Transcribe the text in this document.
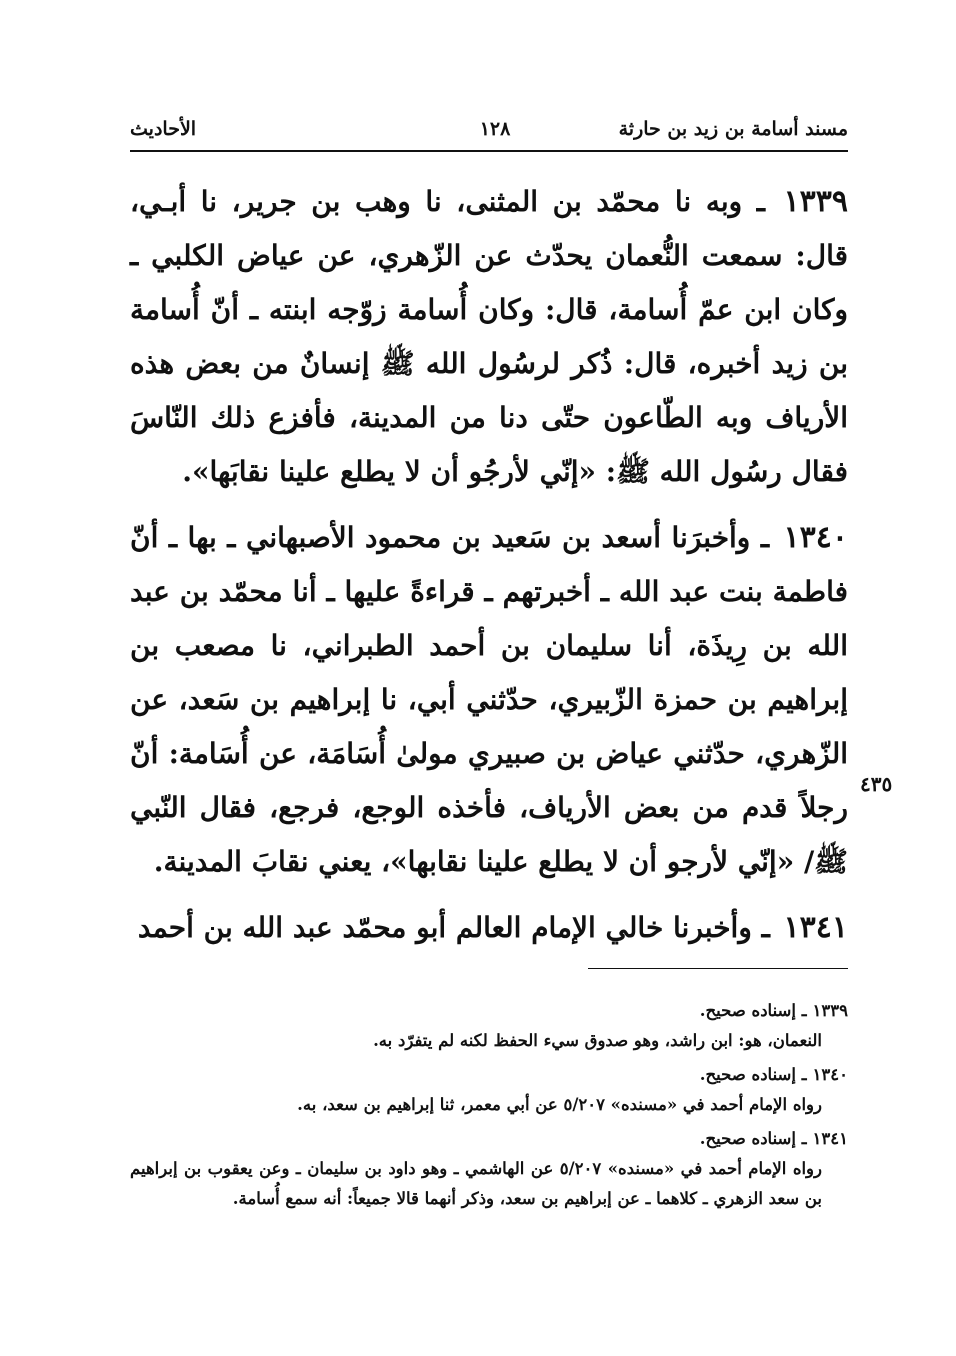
مسند أسامة بن زيد بن حارثة
١٢٨
الأحاديث

١٣٣٩ ـ وبه نا محمّد بن المثنى، نا وهب بن جرير، نا أبـي، قال: سمعت النُّعمان يحدّث عن الزّهري، عن عياض الكلبي ـ وكان ابن عمّ أُسامة، قال: وكان أُسامة زوّجه ابنته ـ أنّ أُسامة بن زيد أخبره، قال: ذُكر لرسُول الله ﷺ إنسانٌ من بعض هذه الأرياف وبه الطّاعون حتّى دنا من المدينة، فأفزع ذلك النّاسَ فقال رسُول الله ﷺ: «إنّي لأرجُو أن لا يطلع علينا نقابَها».

١٣٤٠ ـ وأخبرَنا أسعد بن سَعيد بن محمود الأصبهاني ـ بها ـ أنّ فاطمة بنت عبد الله ـ أخبرتهم ـ قراءةً عليها ـ أنا محمّد بن عبد الله بن رِيذَة، أنا سليمان بن أحمد الطبراني، نا مصعب بن إبراهيم بن حمزة الزّبيري، حدّثني أبي، نا إبراهيم بن سَعد، عن الزّهري، حدّثني عياض بن صبيري مولىٰ أُسَامَة، عن أُسَامة: أنّ رجلاً قدم من بعض الأرياف، فأخذه الوجع، فرجع، فقال النّبي ﷺ/ «إنّي لأرجو أن لا يطلع علينا نقابها»، يعني نقابَ المدينة.

١٣٤١ ـ وأخبرنا خالي الإمام العالم أبو محمّد عبد الله بن أحمد

٤٣٥

١٣٣٩ـ إسناده صحيح.

النعمان، هو: ابن راشد، وهو صدوق سيء الحفظ لكنه لم يتفرّد به.

١٣٤٠ـ إسناده صحيح.

رواه الإمام أحمد في «مسنده» ٥/٢٠٧ عن أبي معمر، ثنا إبراهيم بن سعد، به.

١٣٤١ـ إسناده صحيح.

رواه الإمام أحمد في «مسنده» ٥/٢٠٧ عن الهاشمي ـ وهو داود بن سليمان ـ وعن يعقوب بن إبراهيم بن سعد الزهري ـ كلاهما ـ عن إبراهيم بن سعد، وذكر أنهما قالا جميعاً: أنه سمع أُسامة.
